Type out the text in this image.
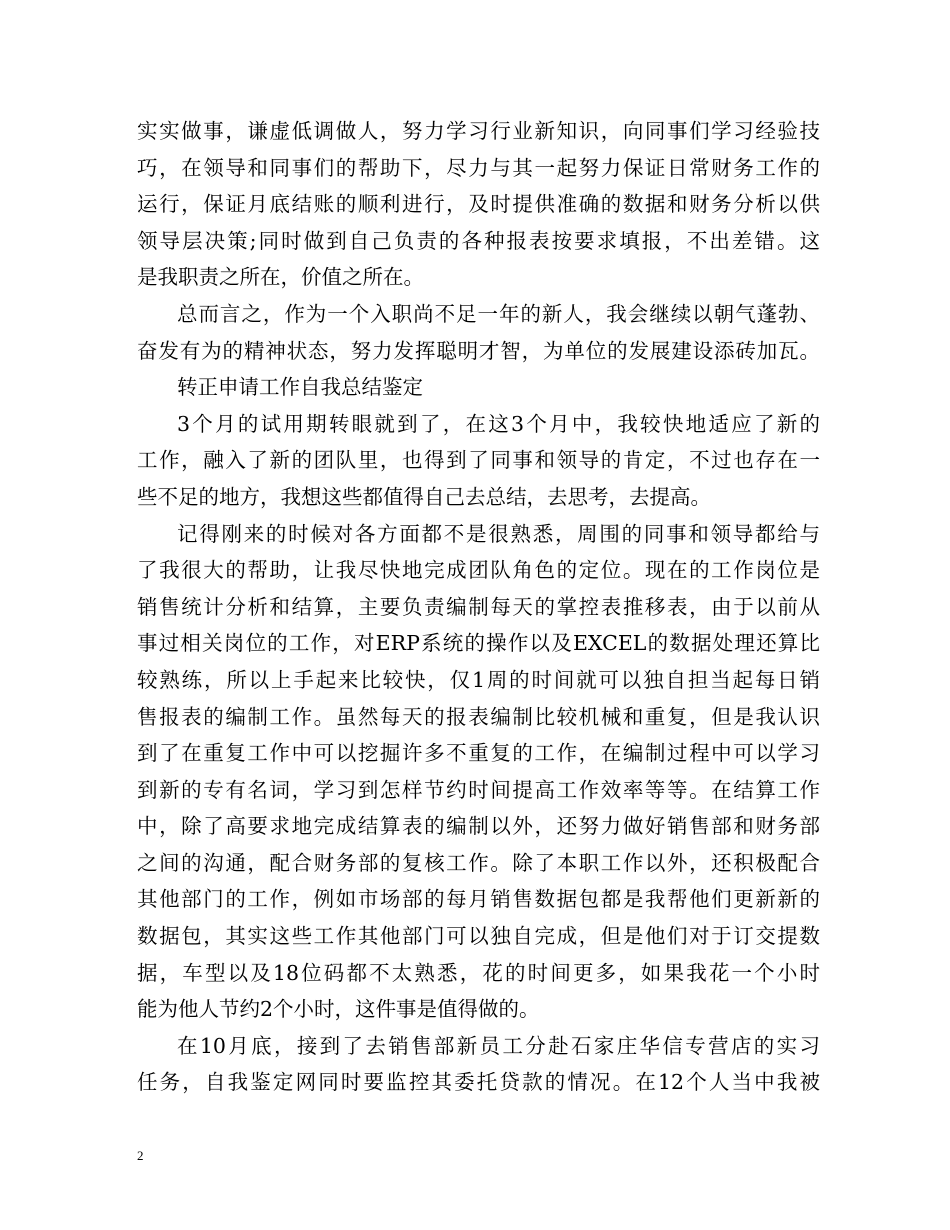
实实做事，谦虚低调做人，努力学习行业新知识，向同事们学习经验技
巧，在领导和同事们的帮助下，尽力与其一起努力保证日常财务工作的
运行，保证月底结账的顺利进行，及时提供准确的数据和财务分析以供
领导层决策;同时做到自己负责的各种报表按要求填报，不出差错。这
是我职责之所在，价值之所在。
总而言之，作为一个入职尚不足一年的新人，我会继续以朝气蓬勃、
奋发有为的精神状态，努力发挥聪明才智，为单位的发展建设添砖加瓦。
转正申请工作自我总结鉴定
3个月的试用期转眼就到了，在这3个月中，我较快地适应了新的
工作，融入了新的团队里，也得到了同事和领导的肯定，不过也存在一
些不足的地方，我想这些都值得自己去总结，去思考，去提高。
记得刚来的时候对各方面都不是很熟悉，周围的同事和领导都给与
了我很大的帮助，让我尽快地完成团队角色的定位。现在的工作岗位是
销售统计分析和结算，主要负责编制每天的掌控表推移表，由于以前从
事过相关岗位的工作，对ERP系统的操作以及EXCEL的数据处理还算比
较熟练，所以上手起来比较快，仅1周的时间就可以独自担当起每日销
售报表的编制工作。虽然每天的报表编制比较机械和重复，但是我认识
到了在重复工作中可以挖掘许多不重复的工作，在编制过程中可以学习
到新的专有名词，学习到怎样节约时间提高工作效率等等。在结算工作
中，除了高要求地完成结算表的编制以外，还努力做好销售部和财务部
之间的沟通，配合财务部的复核工作。除了本职工作以外，还积极配合
其他部门的工作，例如市场部的每月销售数据包都是我帮他们更新新的
数据包，其实这些工作其他部门可以独自完成，但是他们对于订交提数
据，车型以及18位码都不太熟悉，花的时间更多，如果我花一个小时
能为他人节约2个小时，这件事是值得做的。
在10月底，接到了去销售部新员工分赴石家庄华信专营店的实习
任务，自我鉴定网同时要监控其委托贷款的情况。在12个人当中我被
2
